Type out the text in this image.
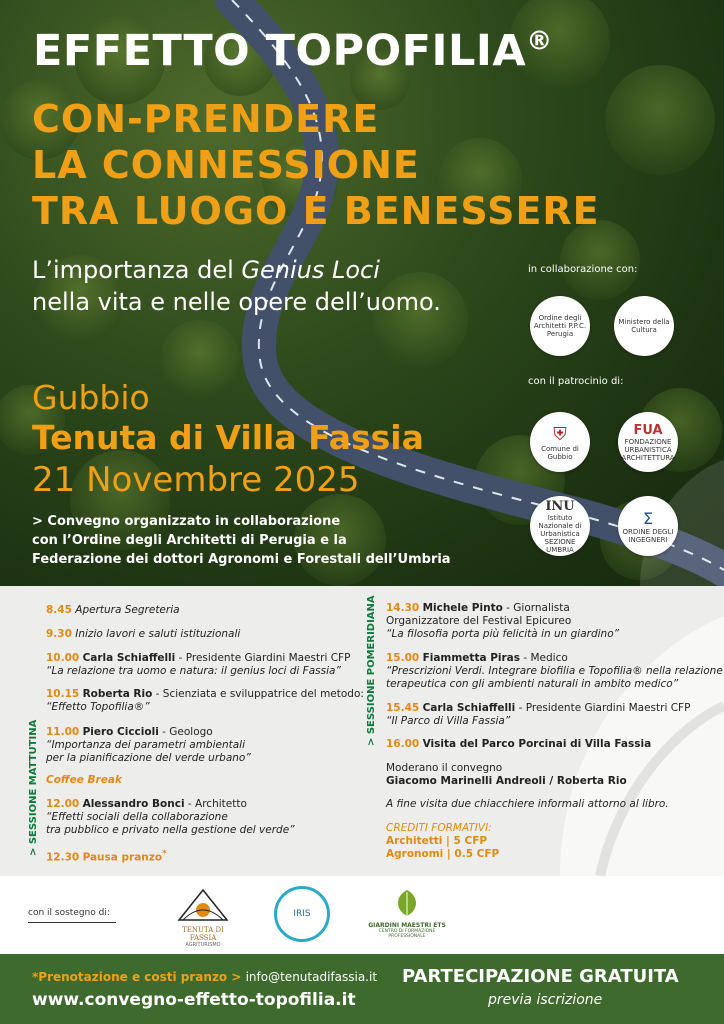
EFFETTO TOPOFILIA®
CON-PRENDERE
LA CONNESSIONE
TRA LUOGO E BENESSERE
L’importanza del Genius Loci
nella vita e nelle opere dell’uomo.
Gubbio
Tenuta di Villa Fassia
21 Novembre 2025
> Convegno organizzato in collaborazione
con l’Ordine degli Architetti di Perugia e la
Federazione dei dottori Agronomi e Forestali dell’Umbria
in collaborazione con:
Ordine degli Architetti P.P.C. Perugia
Ministero della Cultura
con il patrocinio di:
⛨
Comune di Gubbio
FUA
FONDAZIONE URBANISTICA ARCHITETTURA
INU
Istituto Nazionale di Urbanistica SEZIONE UMBRIA
Σ
ORDINE DEGLI INGEGNERI
> SESSIONE MATTUTINA
> SESSIONE POMERIDIANA
8.45 Apertura Segreteria
9.30 Inizio lavori e saluti istituzionali
10.00 Carla Schiaffelli - Presidente Giardini Maestri CFP
“La relazione tra uomo e natura: il genius loci di Fassia”
10.15 Roberta Rio - Scienziata e sviluppatrice del metodo:
“Effetto Topofilia®”
11.00 Piero Ciccioli - Geologo
“Importanza dei parametri ambientali
per la pianificazione del verde urbano”
Coffee Break
12.00 Alessandro Bonci - Architetto
“Effetti sociali della collaborazione
tra pubblico e privato nella gestione del verde”
12.30 Pausa pranzo*
14.30 Michele Pinto - Giornalista
Organizzatore del Festival Epicureo
“La filosofia porta più felicità in un giardino”
15.00 Fiammetta Piras - Medico
“Prescrizioni Verdi. Integrare biofilia e Topofilia® nella relazione
terapeutica con gli ambienti naturali in ambito medico”
15.45 Carla Schiaffelli - Presidente Giardini Maestri CFP
“Il Parco di Villa Fassia”
16.00 Visita del Parco Porcinai di Villa Fassia
Moderano il convegno
Giacomo Marinelli Andreoli / Roberta Rio
A fine visita due chiacchiere informali attorno al libro.
CREDITI FORMATIVI:
Architetti | 5 CFP
Agronomi | 0.5 CFP
con il sostegno di:
TENUTA DI FASSIA
AGRITURISMO
IRIS
GIARDINI MAESTRI ETS
CENTRO DI FORMAZIONE PROFESSIONALE
*Prenotazione e costi pranzo > info@tenutadifassia.it
www.convegno-effetto-topofilia.it
PARTECIPAZIONE GRATUITA
previa iscrizione
